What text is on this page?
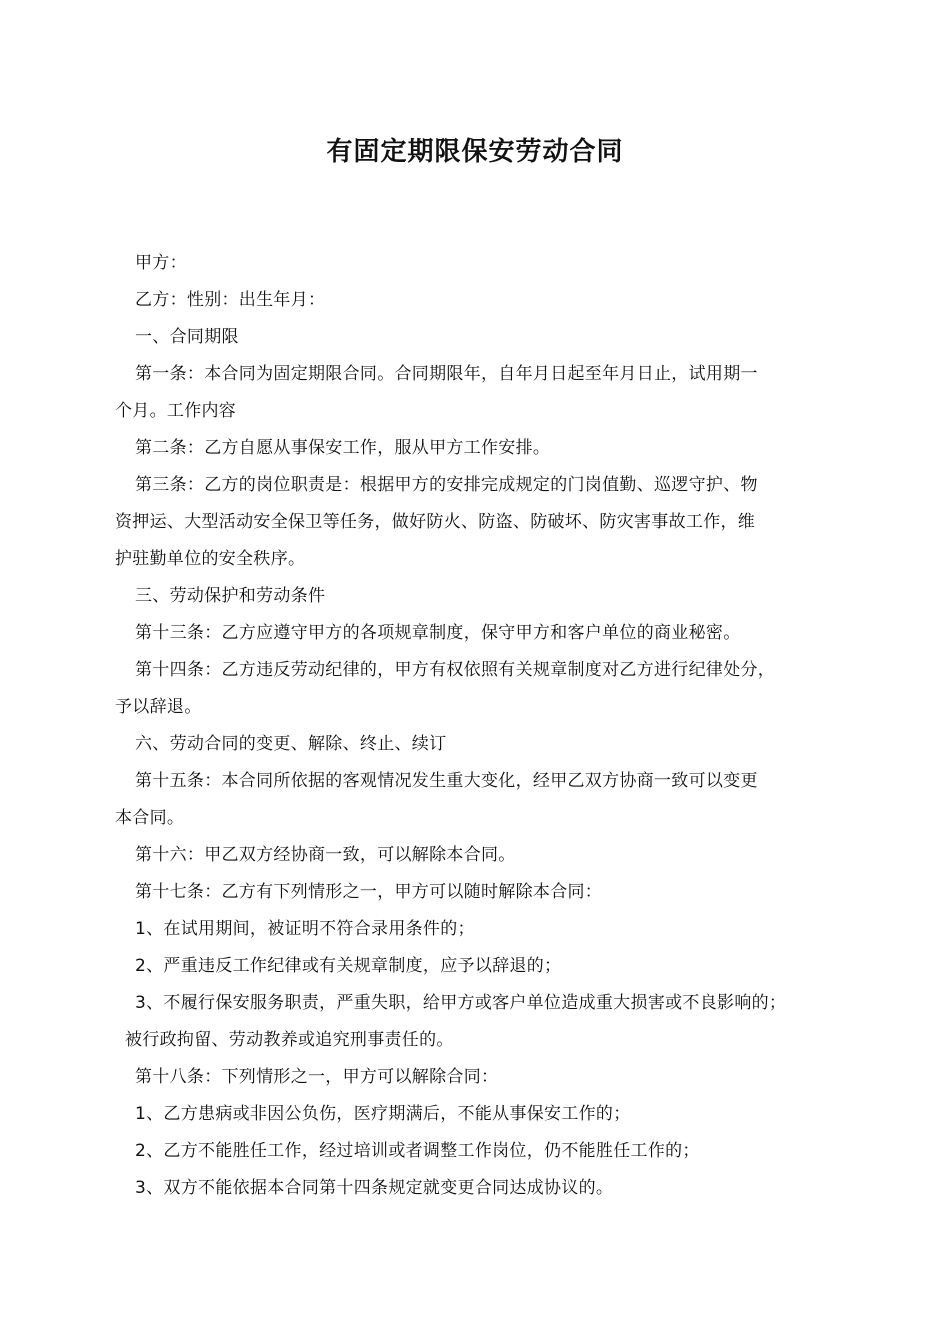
有固定期限保安劳动合同
甲方：
乙方：性别：出生年月：
一、合同期限
第一条：本合同为固定期限合同。合同期限年，自年月日起至年月日止，试用期一
个月。工作内容
第二条：乙方自愿从事保安工作，服从甲方工作安排。
第三条：乙方的岗位职责是：根据甲方的安排完成规定的门岗值勤、巡逻守护、物
资押运、大型活动安全保卫等任务，做好防火、防盗、防破坏、防灾害事故工作，维
护驻勤单位的安全秩序。
三、劳动保护和劳动条件
第十三条：乙方应遵守甲方的各项规章制度，保守甲方和客户单位的商业秘密。
第十四条：乙方违反劳动纪律的，甲方有权依照有关规章制度对乙方进行纪律处分，
予以辞退。
六、劳动合同的变更、解除、终止、续订
第十五条：本合同所依据的客观情况发生重大变化，经甲乙双方协商一致可以变更
本合同。
第十六：甲乙双方经协商一致，可以解除本合同。
第十七条：乙方有下列情形之一，甲方可以随时解除本合同：
1、在试用期间，被证明不符合录用条件的；
2、严重违反工作纪律或有关规章制度，应予以辞退的；
3、不履行保安服务职责，严重失职，给甲方或客户单位造成重大损害或不良影响的；
被行政拘留、劳动教养或追究刑事责任的。
第十八条：下列情形之一，甲方可以解除合同：
1、乙方患病或非因公负伤，医疗期满后，不能从事保安工作的；
2、乙方不能胜任工作，经过培训或者调整工作岗位，仍不能胜任工作的；
3、双方不能依据本合同第十四条规定就变更合同达成协议的。
